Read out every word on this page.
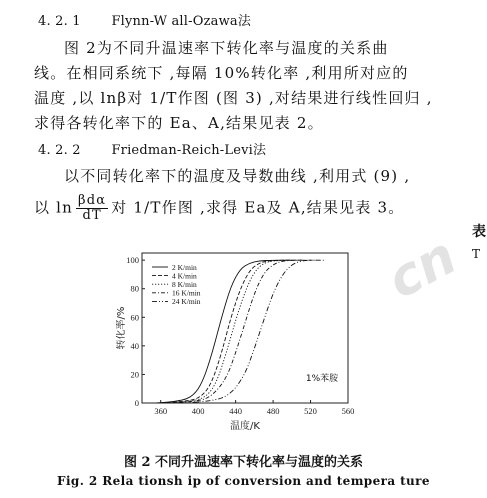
4. 2. 1 Flynn-W all-Ozawa法
图 2为不同升温速率下转化率与温度的关系曲
线。在相同系统下 ,每隔 10%转化率 ,利用所对应的
温度 ,以 lnβ对 1/T作图 (图 3) ,对结果进行线性回归 ,
求得各转化率下的 Ea、A,结果见表 2。
4. 2. 2 Friedman-Reich-Levi法
以不同转化率下的温度及导数曲线 ,利用式 (9) ,
以 $\ln \frac{\text{βdα}}{dT}$ 对 1/T作图 ,求得 Ea及 A,结果见表 3。
表
T
cn
360	400	440	480	520	560
0
20
40
60
80
100
温度/K
转化率/%
2 K/min
4 K/min
8 K/min
16 K/min
24 K/min
1%苯胺
图 2 不同升温速率下转化率与温度的关系
Fig. 2 Rela tionsh ip of conversion and tempera ture
